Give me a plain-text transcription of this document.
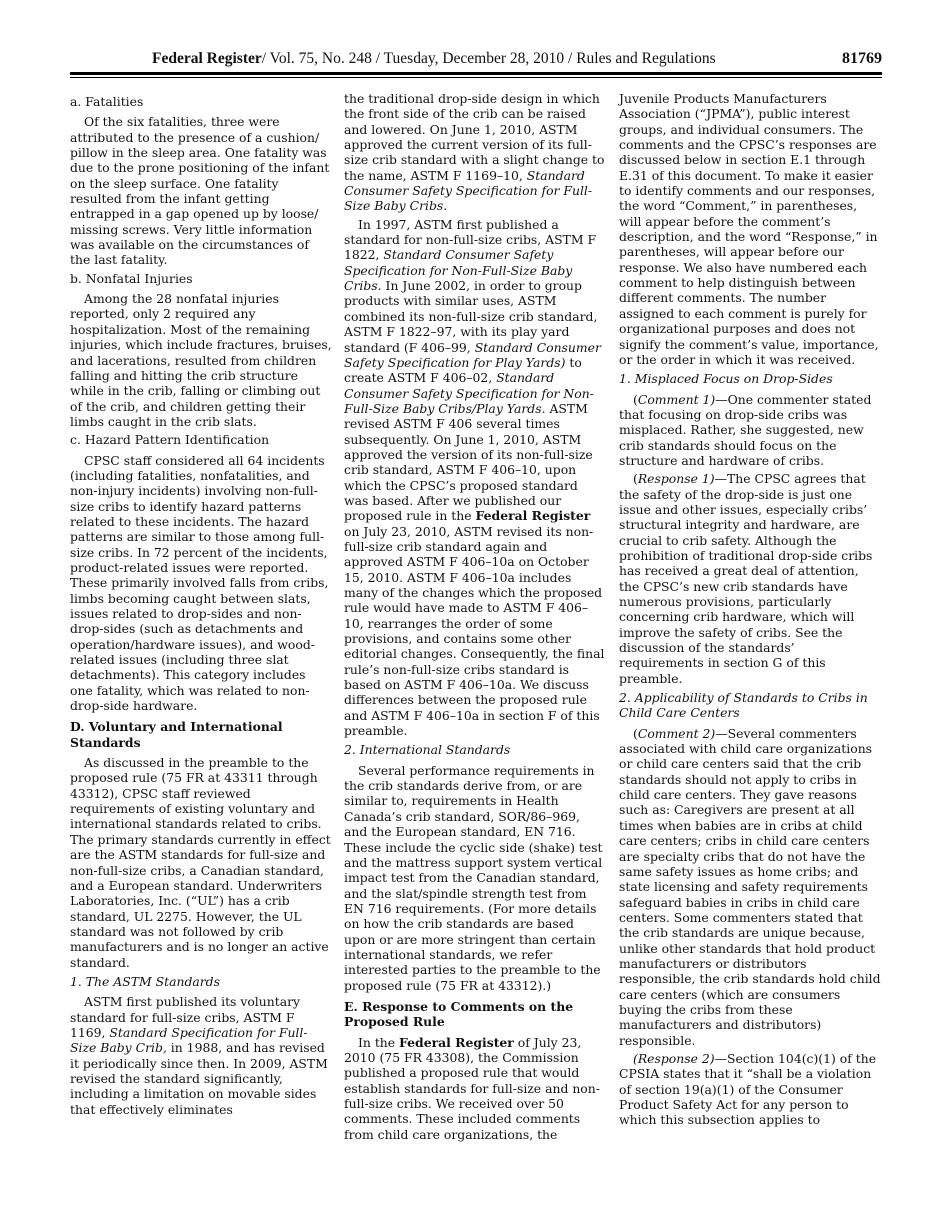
Federal Register/ Vol. 75, No. 248 / Tuesday, December 28, 2010 / Rules and Regulations	81769
a. Fatalities

Of the six fatalities, three were attributed to the presence of a cushion/ pillow in the sleep area. One fatality was due to the prone positioning of the infant on the sleep surface. One fatality resulted from the infant getting entrapped in a gap opened up by loose/ missing screws. Very little information was available on the circumstances of the last fatality.

b. Nonfatal Injuries

Among the 28 nonfatal injuries reported, only 2 required any hospitalization. Most of the remaining injuries, which include fractures, bruises, and lacerations, resulted from children falling and hitting the crib structure while in the crib, falling or climbing out of the crib, and children getting their limbs caught in the crib slats.

c. Hazard Pattern Identification

CPSC staff considered all 64 incidents (including fatalities, nonfatalities, and non-injury incidents) involving non-full-size cribs to identify hazard patterns related to these incidents. The hazard patterns are similar to those among full-size cribs. In 72 percent of the incidents, product-related issues were reported. These primarily involved falls from cribs, limbs becoming caught between slats, issues related to drop-sides and non-drop-sides (such as detachments and operation/hardware issues), and wood-related issues (including three slat detachments). This category includes one fatality, which was related to non-drop-side hardware.

D. Voluntary and International Standards

As discussed in the preamble to the proposed rule (75 FR at 43311 through 43312), CPSC staff reviewed requirements of existing voluntary and international standards related to cribs. The primary standards currently in effect are the ASTM standards for full-size and non-full-size cribs, a Canadian standard, and a European standard. Underwriters Laboratories, Inc. (“UL”) has a crib standard, UL 2275. However, the UL standard was not followed by crib manufacturers and is no longer an active standard.

1. The ASTM Standards

ASTM first published its voluntary standard for full-size cribs, ASTM F 1169, Standard Specification for Full-Size Baby Crib, in 1988, and has revised it periodically since then. In 2009, ASTM revised the standard significantly, including a limitation on movable sides that effectively eliminates

the traditional drop-side design in which the front side of the crib can be raised and lowered. On June 1, 2010, ASTM approved the current version of its full-size crib standard with a slight change to the name, ASTM F 1169–10, Standard Consumer Safety Specification for Full-Size Baby Cribs.

In 1997, ASTM first published a standard for non-full-size cribs, ASTM F 1822, Standard Consumer Safety Specification for Non-Full-Size Baby Cribs. In June 2002, in order to group products with similar uses, ASTM combined its non-full-size crib standard, ASTM F 1822–97, with its play yard standard (F 406–99, Standard Consumer Safety Specification for Play Yards) to create ASTM F 406–02, Standard Consumer Safety Specification for Non-Full-Size Baby Cribs/Play Yards. ASTM revised ASTM F 406 several times subsequently. On June 1, 2010, ASTM approved the version of its non-full-size crib standard, ASTM F 406–10, upon which the CPSC’s proposed standard was based. After we published our proposed rule in the Federal Register on July 23, 2010, ASTM revised its non-full-size crib standard again and approved ASTM F 406–10a on October 15, 2010. ASTM F 406–10a includes many of the changes which the proposed rule would have made to ASTM F 406–10, rearranges the order of some provisions, and contains some other editorial changes. Consequently, the final rule’s non-full-size cribs standard is based on ASTM F 406–10a. We discuss differences between the proposed rule and ASTM F 406–10a in section F of this preamble.

2. International Standards

Several performance requirements in the crib standards derive from, or are similar to, requirements in Health Canada’s crib standard, SOR/86–969, and the European standard, EN 716. These include the cyclic side (shake) test and the mattress support system vertical impact test from the Canadian standard, and the slat/spindle strength test from EN 716 requirements. (For more details on how the crib standards are based upon or are more stringent than certain international standards, we refer interested parties to the preamble to the proposed rule (75 FR at 43312).)

E. Response to Comments on the Proposed Rule

In the Federal Register of July 23, 2010 (75 FR 43308), the Commission published a proposed rule that would establish standards for full-size and non-full-size cribs. We received over 50 comments. These included comments from child care organizations, the

Juvenile Products Manufacturers Association (“JPMA”), public interest groups, and individual consumers. The comments and the CPSC’s responses are discussed below in section E.1 through E.31 of this document. To make it easier to identify comments and our responses, the word “Comment,” in parentheses, will appear before the comment’s description, and the word “Response,” in parentheses, will appear before our response. We also have numbered each comment to help distinguish between different comments. The number assigned to each comment is purely for organizational purposes and does not signify the comment’s value, importance, or the order in which it was received.

1. Misplaced Focus on Drop-Sides

(Comment 1)—One commenter stated that focusing on drop-side cribs was misplaced. Rather, she suggested, new crib standards should focus on the structure and hardware of cribs.

(Response 1)—The CPSC agrees that the safety of the drop-side is just one issue and other issues, especially cribs’ structural integrity and hardware, are crucial to crib safety. Although the prohibition of traditional drop-side cribs has received a great deal of attention, the CPSC’s new crib standards have numerous provisions, particularly concerning crib hardware, which will improve the safety of cribs. See the discussion of the standards’ requirements in section G of this preamble.

2. Applicability of Standards to Cribs in Child Care Centers

(Comment 2)—Several commenters associated with child care organizations or child care centers said that the crib standards should not apply to cribs in child care centers. They gave reasons such as: Caregivers are present at all times when babies are in cribs at child care centers; cribs in child care centers are specialty cribs that do not have the same safety issues as home cribs; and state licensing and safety requirements safeguard babies in cribs in child care centers. Some commenters stated that the crib standards are unique because, unlike other standards that hold product manufacturers or distributors responsible, the crib standards hold child care centers (which are consumers buying the cribs from these manufacturers and distributors) responsible.

(Response 2)—Section 104(c)(1) of the CPSIA states that it “shall be a violation of section 19(a)(1) of the Consumer Product Safety Act for any person to which this subsection applies to
